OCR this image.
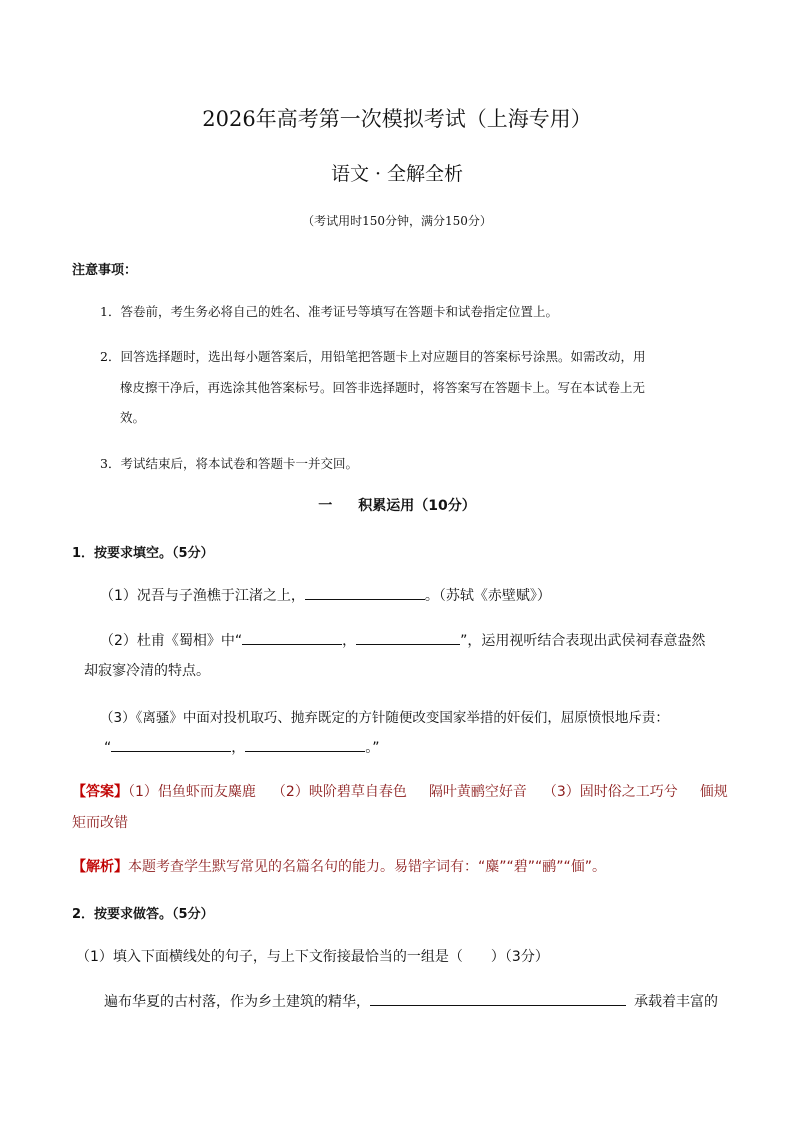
2026年高考第一次模拟考试（上海专用）
语文 · 全解全析
（考试用时150分钟，满分150分）
注意事项：
1．答卷前，考生务必将自己的姓名、准考证号等填写在答题卡和试卷指定位置上。
2．回答选择题时，选出每小题答案后，用铅笔把答题卡上对应题目的答案标号涂黑。如需改动，用
橡皮擦干净后，再选涂其他答案标号。回答非选择题时，将答案写在答题卡上。写在本试卷上无
效。
3．考试结束后，将本试卷和答题卡一并交回。
一 积累运用（10分）
1．按要求填空。（5分）
（1）况吾与子渔樵于江渚之上，	。（苏轼《赤壁赋》）
（2）杜甫《蜀相》中“	，	”，运用视听结合表现出武侯祠春意盎然
却寂寥冷清的特点。
（3）《离骚》中面对投机取巧、抛弃既定的方针随便改变国家举措的奸佞们，屈原愤恨地斥责：
“	，	。”
【答案】（1）侣鱼虾而友麋鹿 （2）映阶碧草自春色 隔叶黄鹂空好音 （3）固时俗之工巧兮 偭规
矩而改错
【解析】本题考查学生默写常见的名篇名句的能力。易错字词有：“麋”“碧”“鹂”“偭”。
2．按要求做答。（5分）
（1）填入下面横线处的句子，与上下文衔接最恰当的一组是（　　）（3分）
遍布华夏的古村落，作为乡土建筑的精华，	承载着丰富的
